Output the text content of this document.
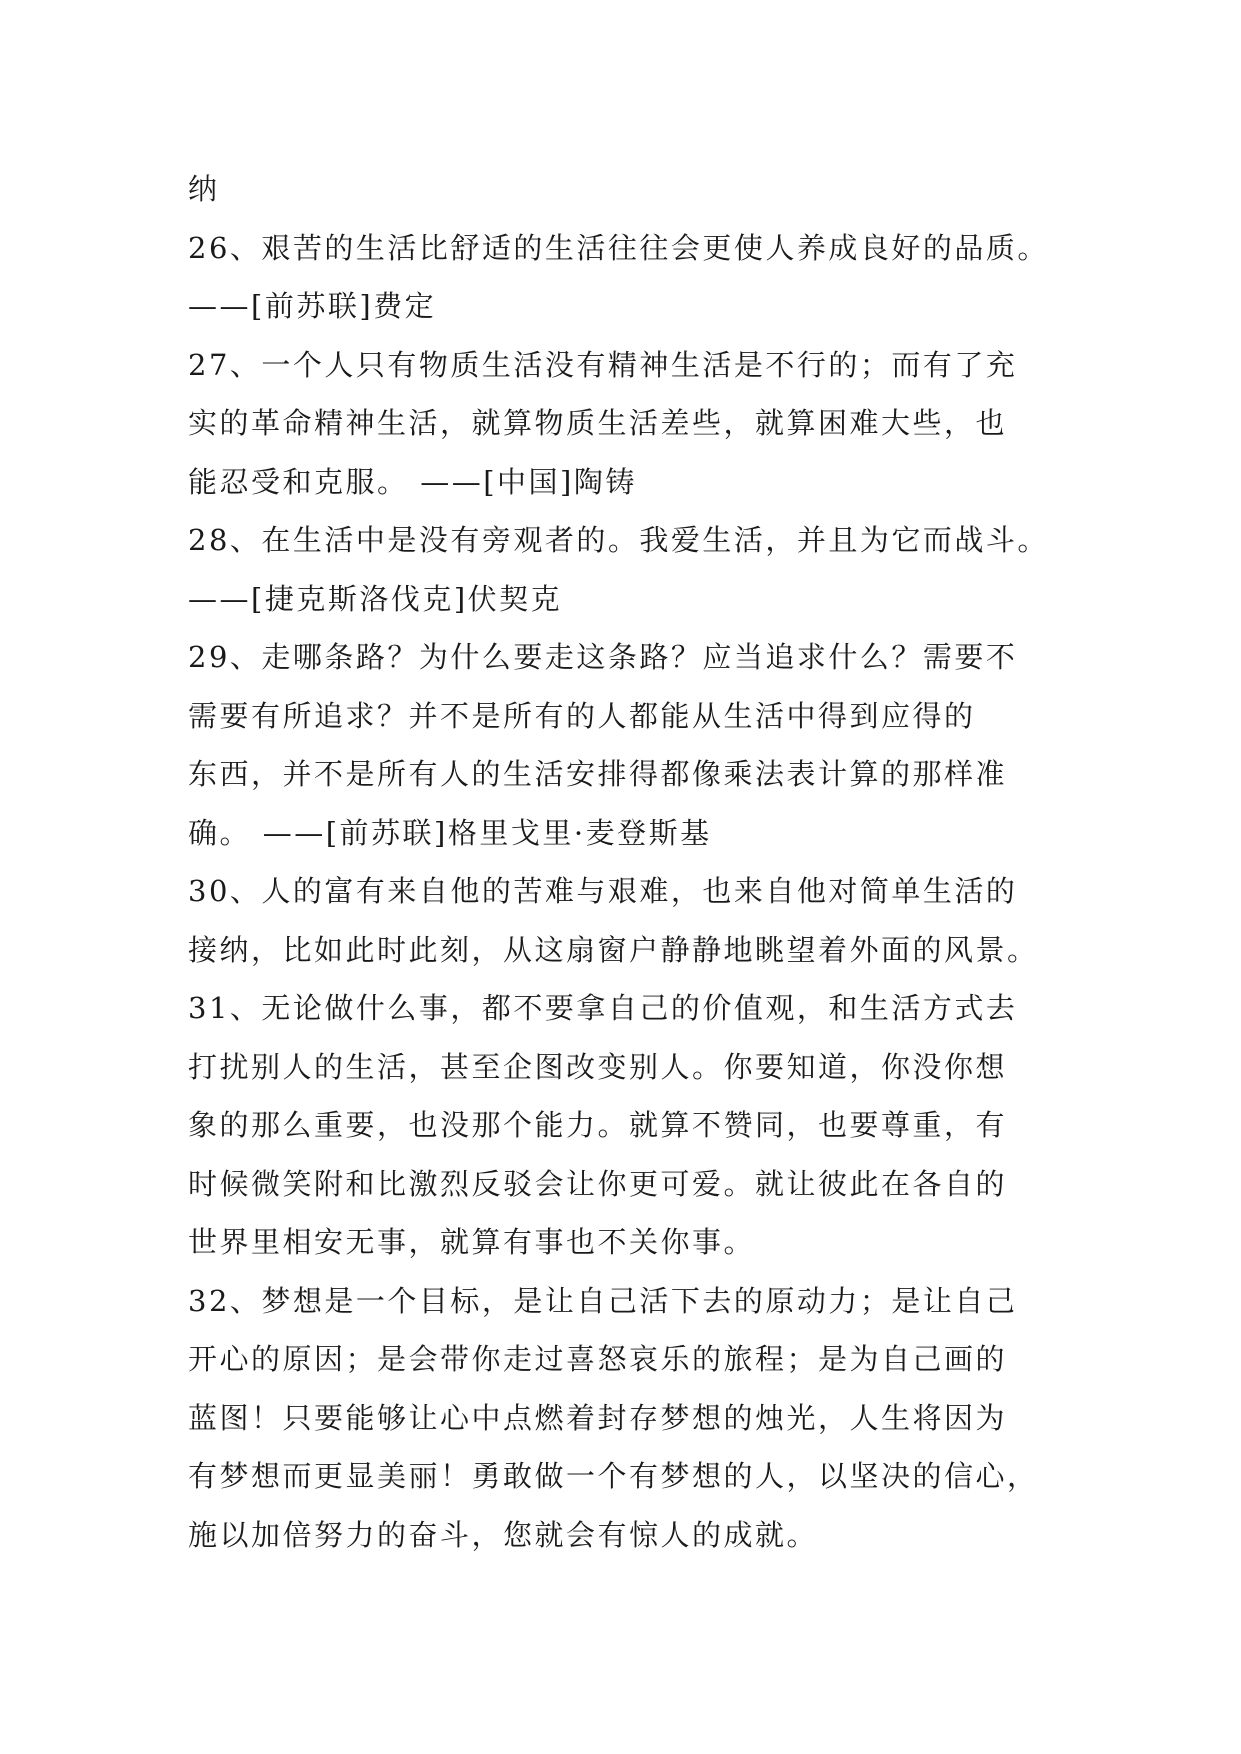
纳
26、艰苦的生活比舒适的生活往往会更使人养成良好的品质。
——[前苏联]费定
27、一个人只有物质生活没有精神生活是不行的；而有了充
实的革命精神生活，就算物质生活差些，就算困难大些，也
能忍受和克服。 ——[中国]陶铸
28、在生活中是没有旁观者的。我爱生活，并且为它而战斗。
——[捷克斯洛伐克]伏契克
29、走哪条路？为什么要走这条路？应当追求什么？需要不
需要有所追求？并不是所有的人都能从生活中得到应得的
东西，并不是所有人的生活安排得都像乘法表计算的那样准
确。 ——[前苏联]格里戈里·麦登斯基
30、人的富有来自他的苦难与艰难，也来自他对简单生活的
接纳，比如此时此刻，从这扇窗户静静地眺望着外面的风景。
31、无论做什么事，都不要拿自己的价值观，和生活方式去
打扰别人的生活，甚至企图改变别人。你要知道，你没你想
象的那么重要，也没那个能力。就算不赞同，也要尊重，有
时候微笑附和比激烈反驳会让你更可爱。就让彼此在各自的
世界里相安无事，就算有事也不关你事。
32、梦想是一个目标，是让自己活下去的原动力；是让自己
开心的原因；是会带你走过喜怒哀乐的旅程；是为自己画的
蓝图！只要能够让心中点燃着封存梦想的烛光，人生将因为
有梦想而更显美丽！勇敢做一个有梦想的人，以坚决的信心，
施以加倍努力的奋斗，您就会有惊人的成就。
